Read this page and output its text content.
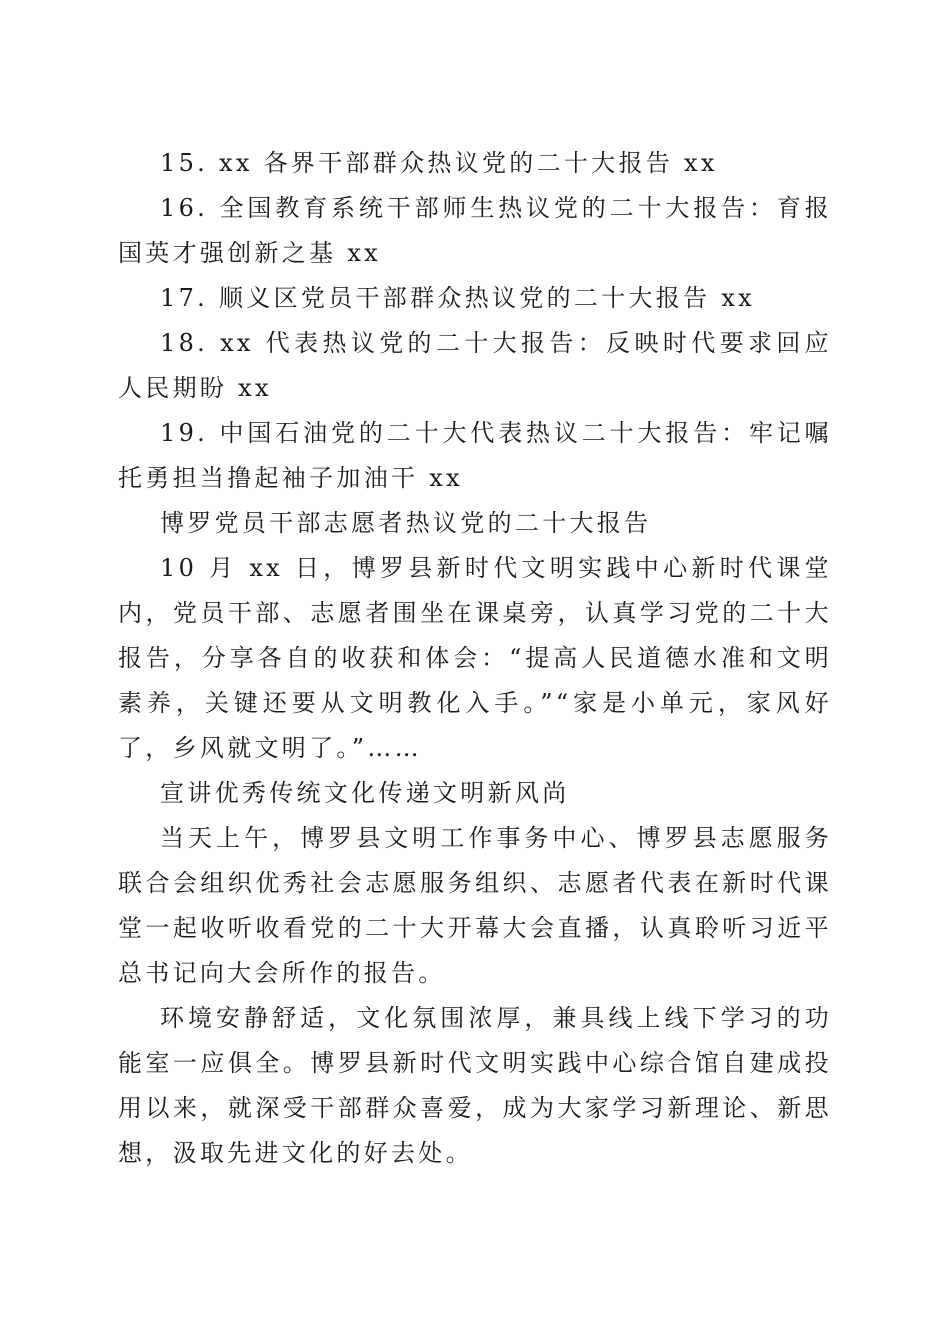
15. xx 各界干部群众热议党的二十大报告 xx

16. 全国教育系统干部师生热议党的二十大报告：育报国英才强创新之基 xx

17. 顺义区党员干部群众热议党的二十大报告 xx

18. xx 代表热议党的二十大报告：反映时代要求回应人民期盼 xx

19. 中国石油党的二十大代表热议二十大报告：牢记嘱托勇担当撸起袖子加油干 xx

博罗党员干部志愿者热议党的二十大报告

10 月 xx 日，博罗县新时代文明实践中心新时代课堂内，党员干部、志愿者围坐在课桌旁，认真学习党的二十大报告，分享各自的收获和体会：“提高人民道德水准和文明素养，关键还要从文明教化入手。”“家是小单元，家风好了，乡风就文明了。”……

宣讲优秀传统文化传递文明新风尚

当天上午，博罗县文明工作事务中心、博罗县志愿服务联合会组织优秀社会志愿服务组织、志愿者代表在新时代课堂一起收听收看党的二十大开幕大会直播，认真聆听习近平总书记向大会所作的报告。

环境安静舒适，文化氛围浓厚，兼具线上线下学习的功能室一应俱全。博罗县新时代文明实践中心综合馆自建成投用以来，就深受干部群众喜爱，成为大家学习新理论、新思想，汲取先进文化的好去处。
